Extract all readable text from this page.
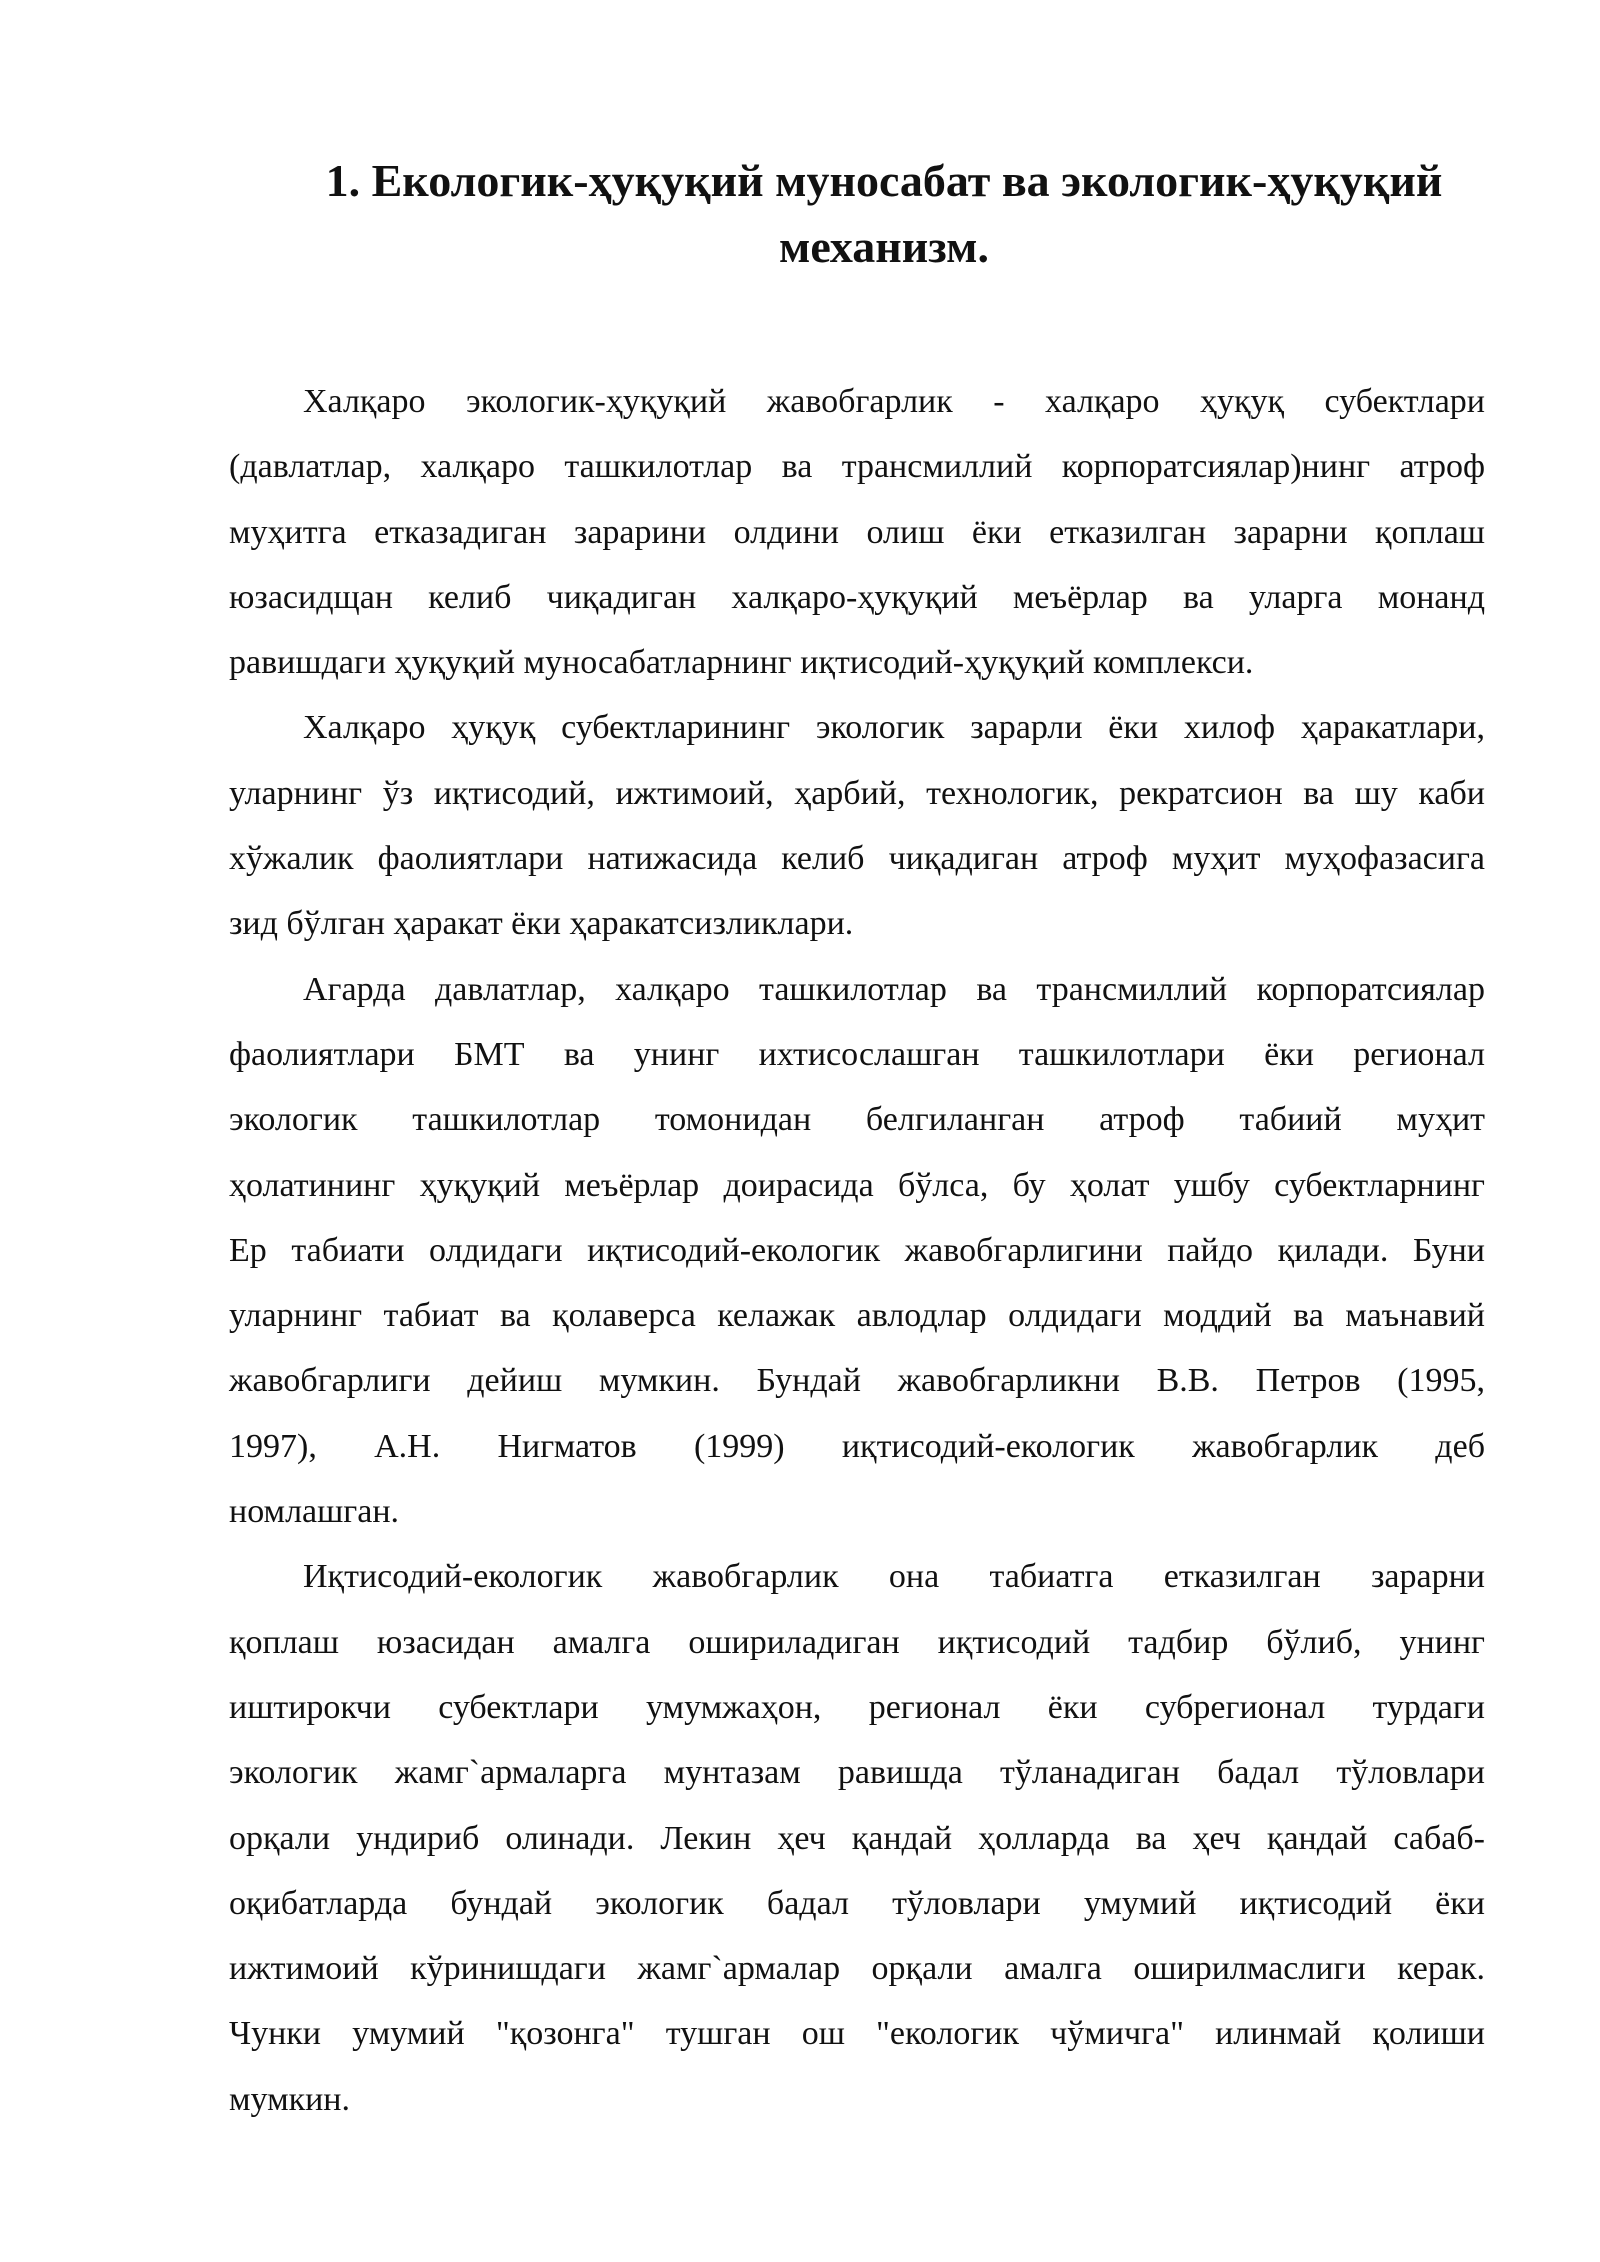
1. Екологик-ҳуқуқий муносабат ва экологик-ҳуқуқий
механизм.

Халқаро экологик-ҳуқуқий жавобгарлик - халқаро ҳуқуқ субектлари
(давлатлар, халқаро ташкилотлар ва трансмиллий корпоратсиялар)нинг атроф
муҳитга етказадиган зарарини олдини олиш ёки етказилган зарарни қоплаш
юзасидщан келиб чиқадиган халқаро-ҳуқуқий меъёрлар ва уларга монанд
равишдаги ҳуқуқий муносабатларнинг иқтисодий-ҳуқуқий комплекси.

Халқаро ҳуқуқ субектларининг экологик зарарли ёки хилоф ҳаракатлари,
уларнинг ўз иқтисодий, ижтимоий, ҳарбий, технологик, рекратсион ва шу каби
хўжалик фаолиятлари натижасида келиб чиқадиган атроф муҳит муҳофазасига
зид бўлган ҳаракат ёки ҳаракатсизликлари.

Агарда давлатлар, халқаро ташкилотлар ва трансмиллий корпоратсиялар
фаолиятлари БМТ ва унинг ихтисослашган ташкилотлари ёки регионал
экологик ташкилотлар томонидан белгиланган атроф табиий муҳит
ҳолатининг ҳуқуқий меъёрлар доирасида бўлса, бу ҳолат ушбу субектларнинг
Ер табиати олдидаги иқтисодий-екологик жавобгарлигини пайдо қилади. Буни
уларнинг табиат ва қолаверса келажак авлодлар олдидаги моддий ва маънавий
жавобгарлиги дейиш мумкин. Бундай жавобгарликни В.В. Петров (1995,
1997), А.Н. Нигматов (1999) иқтисодий-екологик жавобгарлик деб
номлашган.

Иқтисодий-екологик жавобгарлик она табиатга етказилган зарарни
қоплаш юзасидан амалга ошириладиган иқтисодий тадбир бўлиб, унинг
иштирокчи субектлари умумжаҳон, регионал ёки субрегионал турдаги
экологик жамг`армаларга мунтазам равишда тўланадиган бадал тўловлари
орқали ундириб олинади. Лекин ҳеч қандай ҳолларда ва ҳеч қандай сабаб-
оқибатларда бундай экологик бадал тўловлари умумий иқтисодий ёки
ижтимоий кўринишдаги жамг`армалар орқали амалга оширилмаслиги керак.
Чунки умумий "қозонга" тушган ош "екологик чўмичга" илинмай қолиши
мумкин.
